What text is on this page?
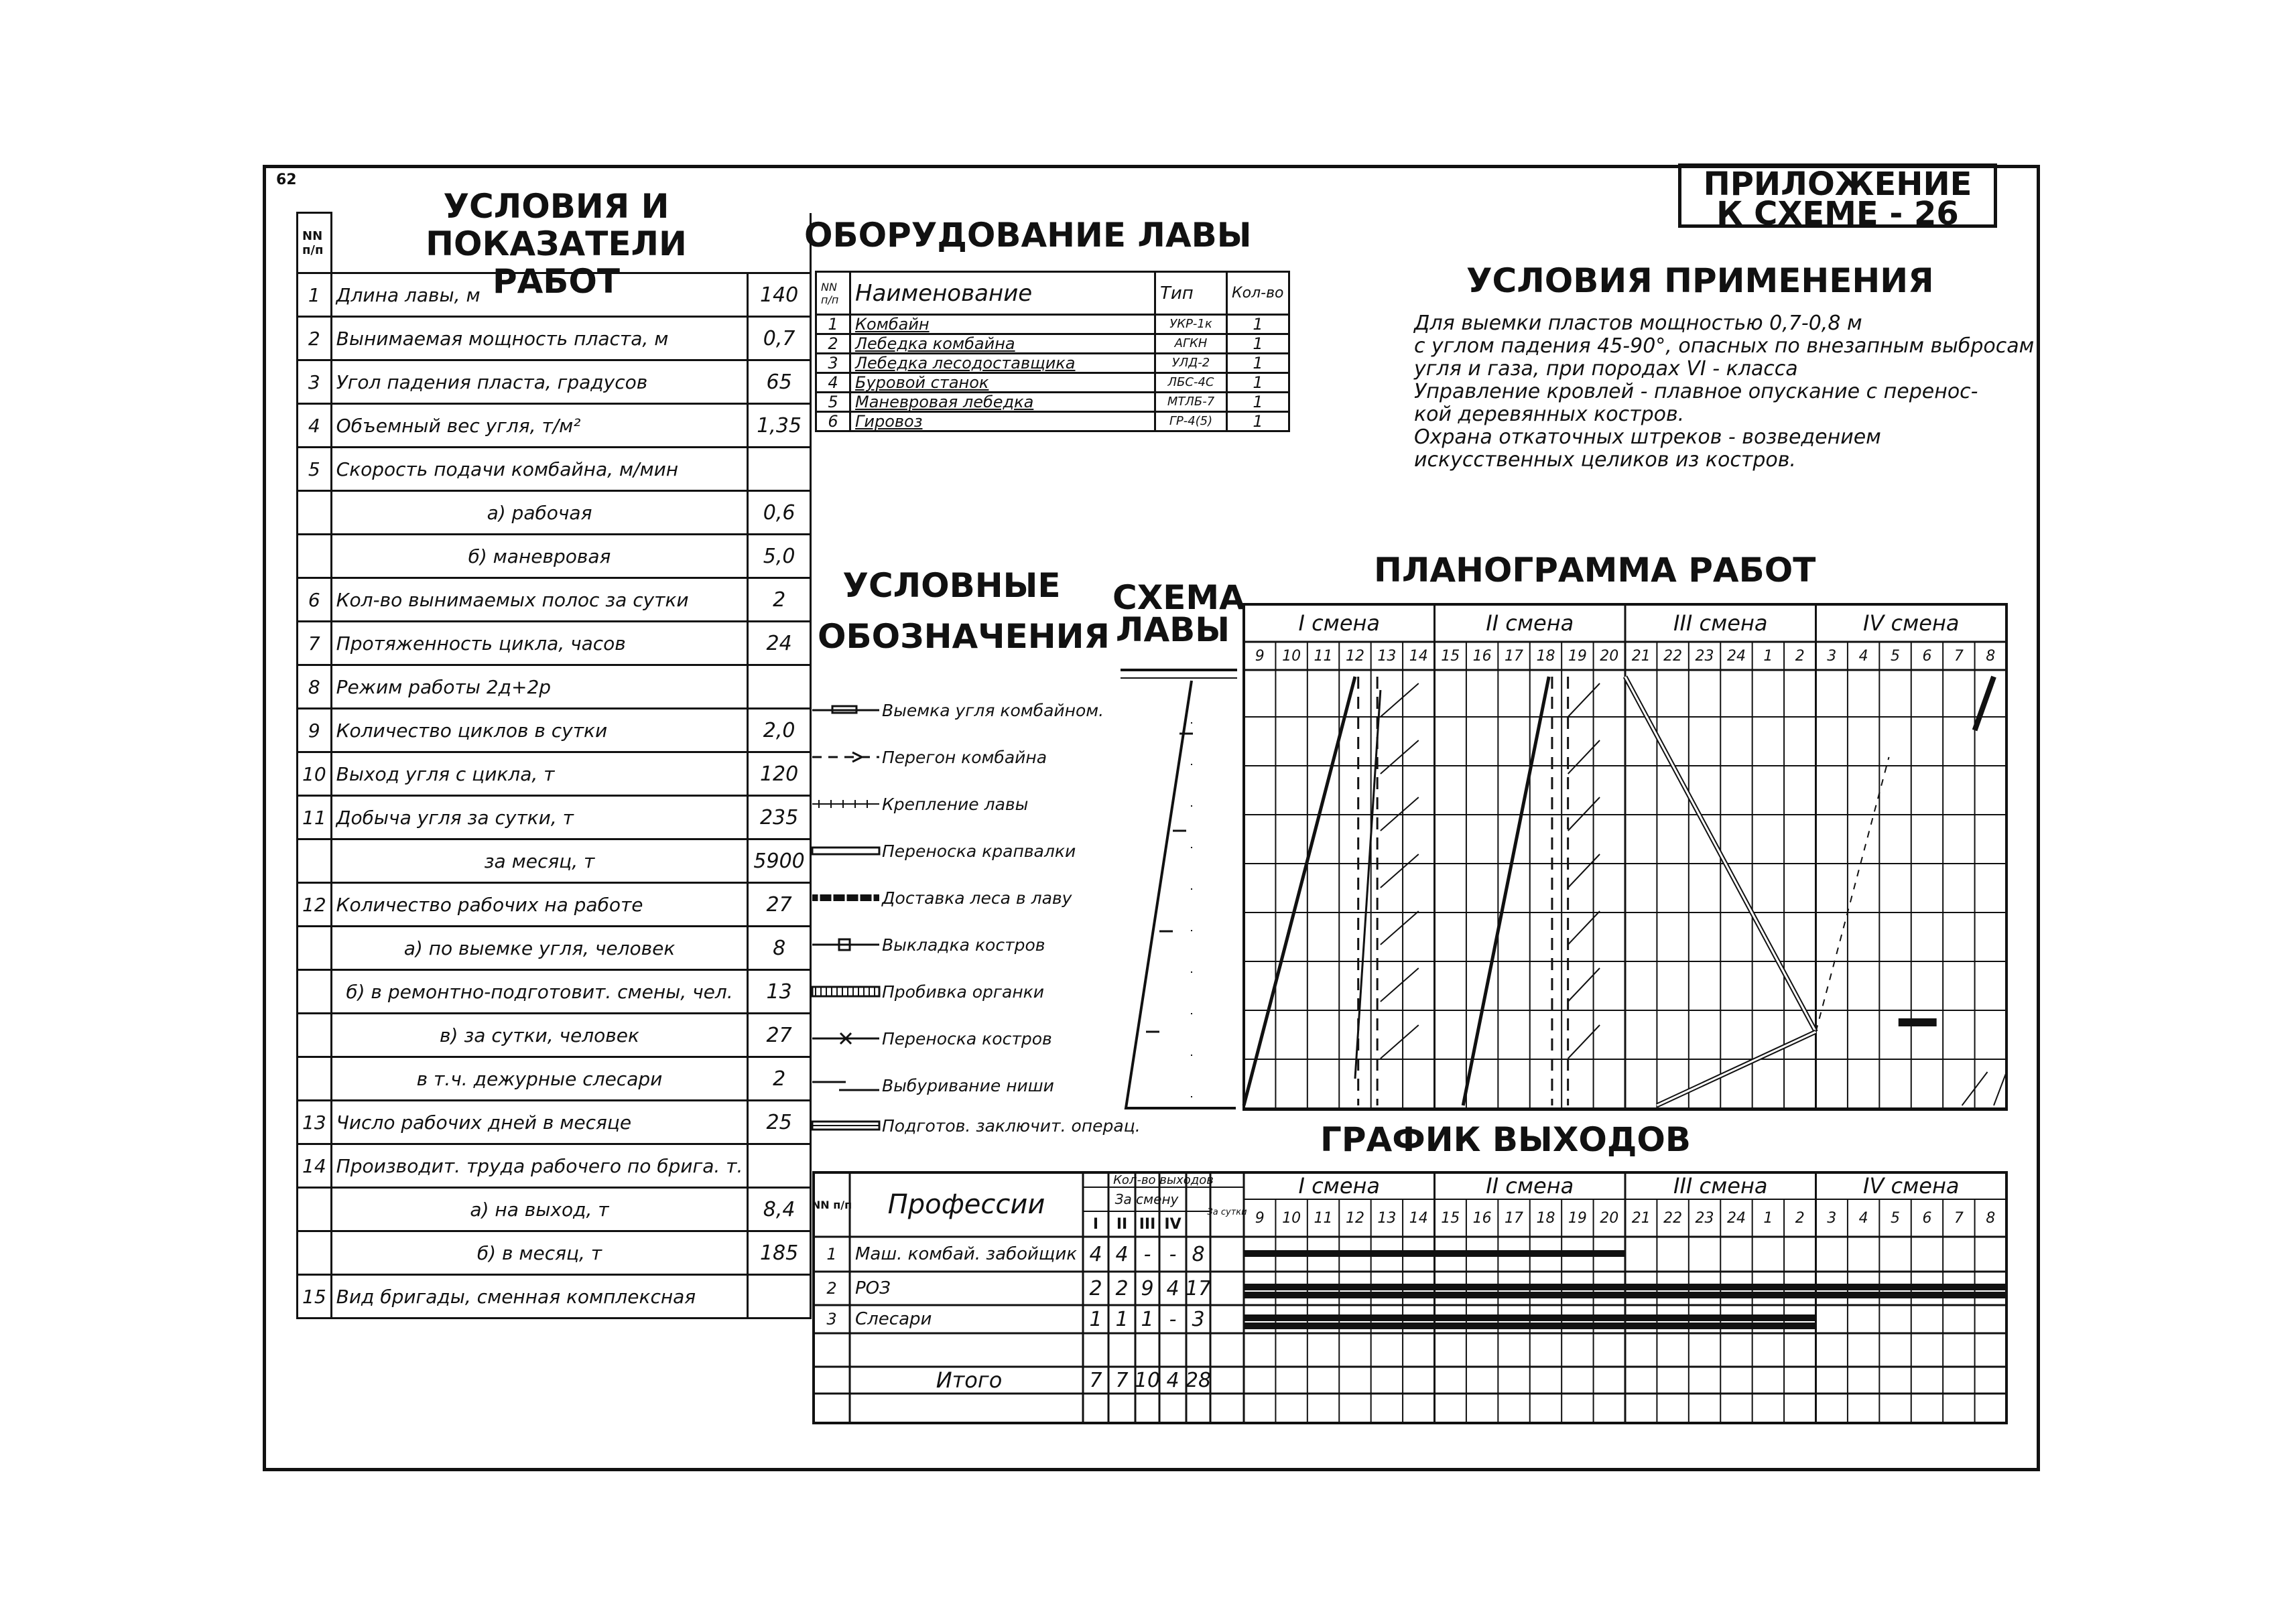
62	ПРИЛОЖЕНИЕ
К СХЕМЕ - 26
УСЛОВИЯ И ПОКАЗАТЕЛИ
РАБОТ
NN п/п		
1	Длина лавы, м	140
2	Вынимаемая мощность пласта, м	0,7
3	Угол падения пласта, градусов	65
4	Объемный вес угля, т/м²	1,35
5	Скорость подачи комбайна, м/мин	
	а) рабочая	0,6
	б) маневровая	5,0
6	Кол-во вынимаемых полос за сутки	2
7	Протяженность цикла, часов	24
8	Режим работы 2д+2р	
9	Количество циклов в сутки	2,0
10	Выход угля с цикла, т	120
11	Добыча угля за сутки, т	235
	за месяц, т	5900
12	Количество рабочих на работе	27
	а) по выемке угля, человек	8
	б) в ремонтно-подготовит. смены, чел.	13
	в) за сутки, человек	27
	в т.ч. дежурные слесари	2
13	Число рабочих дней в месяце	25
14	Производит. труда рабочего по брига. т.	
	а) на выход, т	8,4
	б) в месяц, т	185
15	Вид бригады, сменная комплексная	
ОБОРУДОВАНИЕ ЛАВЫ
NN п/п	Наименование	Тип	Кол-во
1	Комбайн	УКР-1к	1
2	Лебедка комбайна	АГКН	1
3	Лебедка лесодоставщика	УЛД-2	1
4	Буровой станок	ЛБС-4С	1
5	Маневровая лебедка	МТЛБ-7	1
6	Гировоз	ГР-4(5)	1
УСЛОВИЯ ПРИМЕНЕНИЯ
Для выемки пластов мощностью 0,7-0,8 м
с углом падения 45-90°, опасных по внезапным выбросам
угля и газа, при породах VI - класса
Управление кровлей - плавное опускание с перенос-
кой деревянных костров.
Охрана откаточных штреков - возведением
искусственных целиков из костров.
УСЛОВНЫЕ
ОБОЗНАЧЕНИЯ
Выемка угля комбайном.
Перегон комбайна
Крепление лавы
Переноска крапвалки
Доставка леса в лаву
Выкладка костров
Пробивка органки
Переноска костров
Выбуривание ниши
Подготов. заключит. операц.
СХЕМА
ЛАВЫ
ПЛАНОГРАММА РАБОТ
I смена	II смена	III смена	IV смена
9	10 11 12 13 14 15 16 17 18 19 20 21 22 23 24	1	2	3	4	5	6	7	8
ГРАФИК ВЫХОДОВ
NN п/п	Профессии
Кол-во выходов
За смену
За сутки
I	II III IV
I смена	II смена	III смена	IV смена
9	10 11 12 13 14 15 16 17 18 19 20 21 22 23 24	1	2	3	4	5	6	7	8
1	Маш. комбай. забойщик 4 4 - - 8
2	РОЗ	2 2 9 4 17
3	Слесари	1 1 1 - 3
Итого	7 7 10 4 28
